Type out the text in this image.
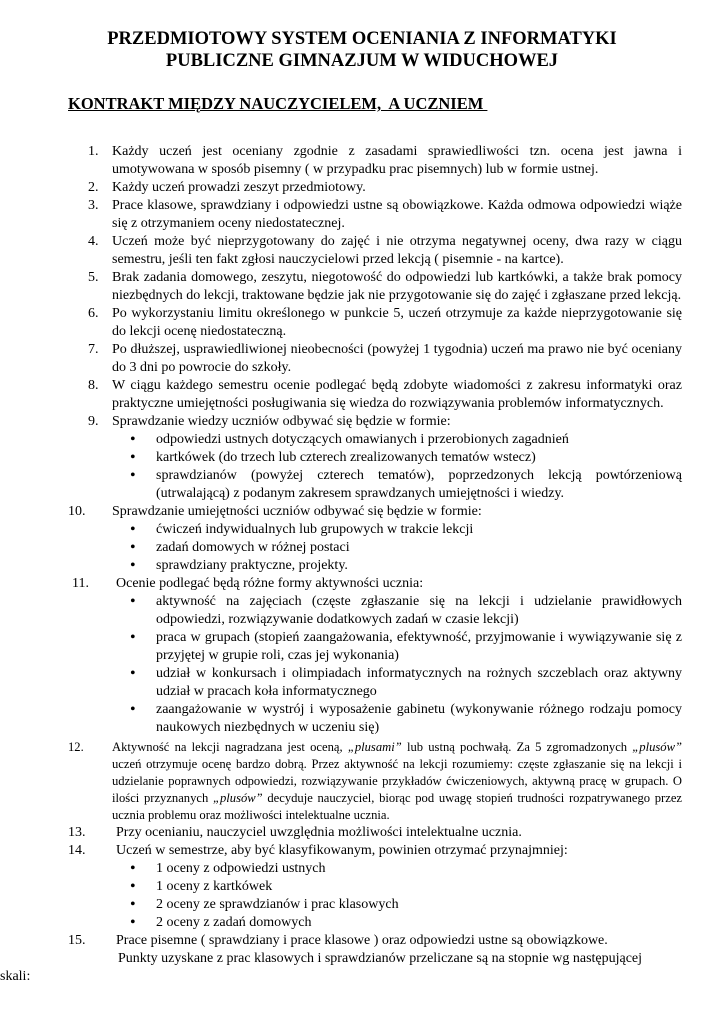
PRZEDMIOTOWY SYSTEM OCENIANIA Z INFORMATYKI
PUBLICZNE GIMNAZJUM W WIDUCHOWEJ
KONTRAKT MIĘDZY NAUCZYCIELEM,  A UCZNIEM
1. Każdy uczeń jest oceniany zgodnie z zasadami sprawiedliwości tzn. ocena jest jawna i umotywowana w sposób pisemny ( w przypadku prac pisemnych) lub w formie ustnej.
2. Każdy uczeń prowadzi zeszyt przedmiotowy.
3. Prace klasowe, sprawdziany i odpowiedzi ustne są obowiązkowe. Każda odmowa odpowiedzi wiąże się z otrzymaniem oceny niedostatecznej.
4. Uczeń może być nieprzygotowany do zajęć i nie otrzyma negatywnej oceny, dwa razy w ciągu semestru, jeśli ten fakt zgłosi nauczycielowi przed lekcją ( pisemnie - na kartce).
5. Brak zadania domowego, zeszytu, niegotowość do odpowiedzi lub kartkówki, a także brak pomocy niezbędnych do lekcji, traktowane będzie jak nie przygotowanie się do zajęć i zgłaszane przed lekcją.
6. Po wykorzystaniu limitu określonego w punkcie 5, uczeń otrzymuje za każde nieprzygotowanie się do lekcji ocenę niedostateczną.
7. Po dłuższej, usprawiedliwionej nieobecności (powyżej 1 tygodnia) uczeń ma prawo nie być oceniany do 3 dni po powrocie do szkoły.
8. W ciągu każdego semestru ocenie podlegać będą zdobyte wiadomości z zakresu informatyki oraz praktyczne umiejętności posługiwania się wiedza do rozwiązywania problemów informatycznych.
9. Sprawdzanie wiedzy uczniów odbywać się będzie w formie:
• odpowiedzi ustnych dotyczących omawianych i przerobionych zagadnień
• kartkówek (do trzech lub czterech zrealizowanych tematów wstecz)
• sprawdzianów (powyżej czterech tematów), poprzedzonych lekcją powtórzeniową (utrwalającą) z podanym zakresem sprawdzanych umiejętności i wiedzy.
10. Sprawdzanie umiejętności uczniów odbywać się będzie w formie:
• ćwiczeń indywidualnych lub grupowych w trakcie lekcji
• zadań domowych w różnej postaci
• sprawdziany praktyczne, projekty.
11. Ocenie podlegać będą różne formy aktywności ucznia:
• aktywność na zajęciach (częste zgłaszanie się na lekcji i udzielanie prawidłowych odpowiedzi, rozwiązywanie dodatkowych zadań w czasie lekcji)
• praca w grupach (stopień zaangażowania, efektywność, przyjmowanie i wywiązywanie się z przyjętej w grupie roli, czas jej wykonania)
• udział w konkursach i olimpiadach informatycznych na rożnych szczeblach oraz aktywny udział w pracach koła informatycznego
• zaangażowanie w wystrój i wyposażenie gabinetu (wykonywanie różnego rodzaju pomocy naukowych niezbędnych w uczeniu się)
12. Aktywność na lekcji nagradzana jest oceną, „plusami” lub ustną pochwałą. Za 5 zgromadzonych „plusów” uczeń otrzymuje ocenę bardzo dobrą. Przez aktywność na lekcji rozumiemy: częste zgłaszanie się na lekcji i udzielanie poprawnych odpowiedzi, rozwiązywanie przykładów ćwiczeniowych, aktywną pracę w grupach. O ilości przyznanych „plusów” decyduje nauczyciel, biorąc pod uwagę stopień trudności rozpatrywanego przez ucznia problemu oraz możliwości intelektualne ucznia.
13. Przy ocenianiu, nauczyciel uwzględnia możliwości intelektualne ucznia.
14. Uczeń w semestrze, aby być klasyfikowanym, powinien otrzymać przynajmniej:
• 1 oceny z odpowiedzi ustnych
• 1 oceny z kartkówek
• 2 oceny ze sprawdzianów i prac klasowych
• 2 oceny z zadań domowych
15. Prace pisemne ( sprawdziany i prace klasowe ) oraz odpowiedzi ustne są obowiązkowe.
Punkty uzyskane z prac klasowych i sprawdzianów przeliczane są na stopnie wg następującej
skali:
